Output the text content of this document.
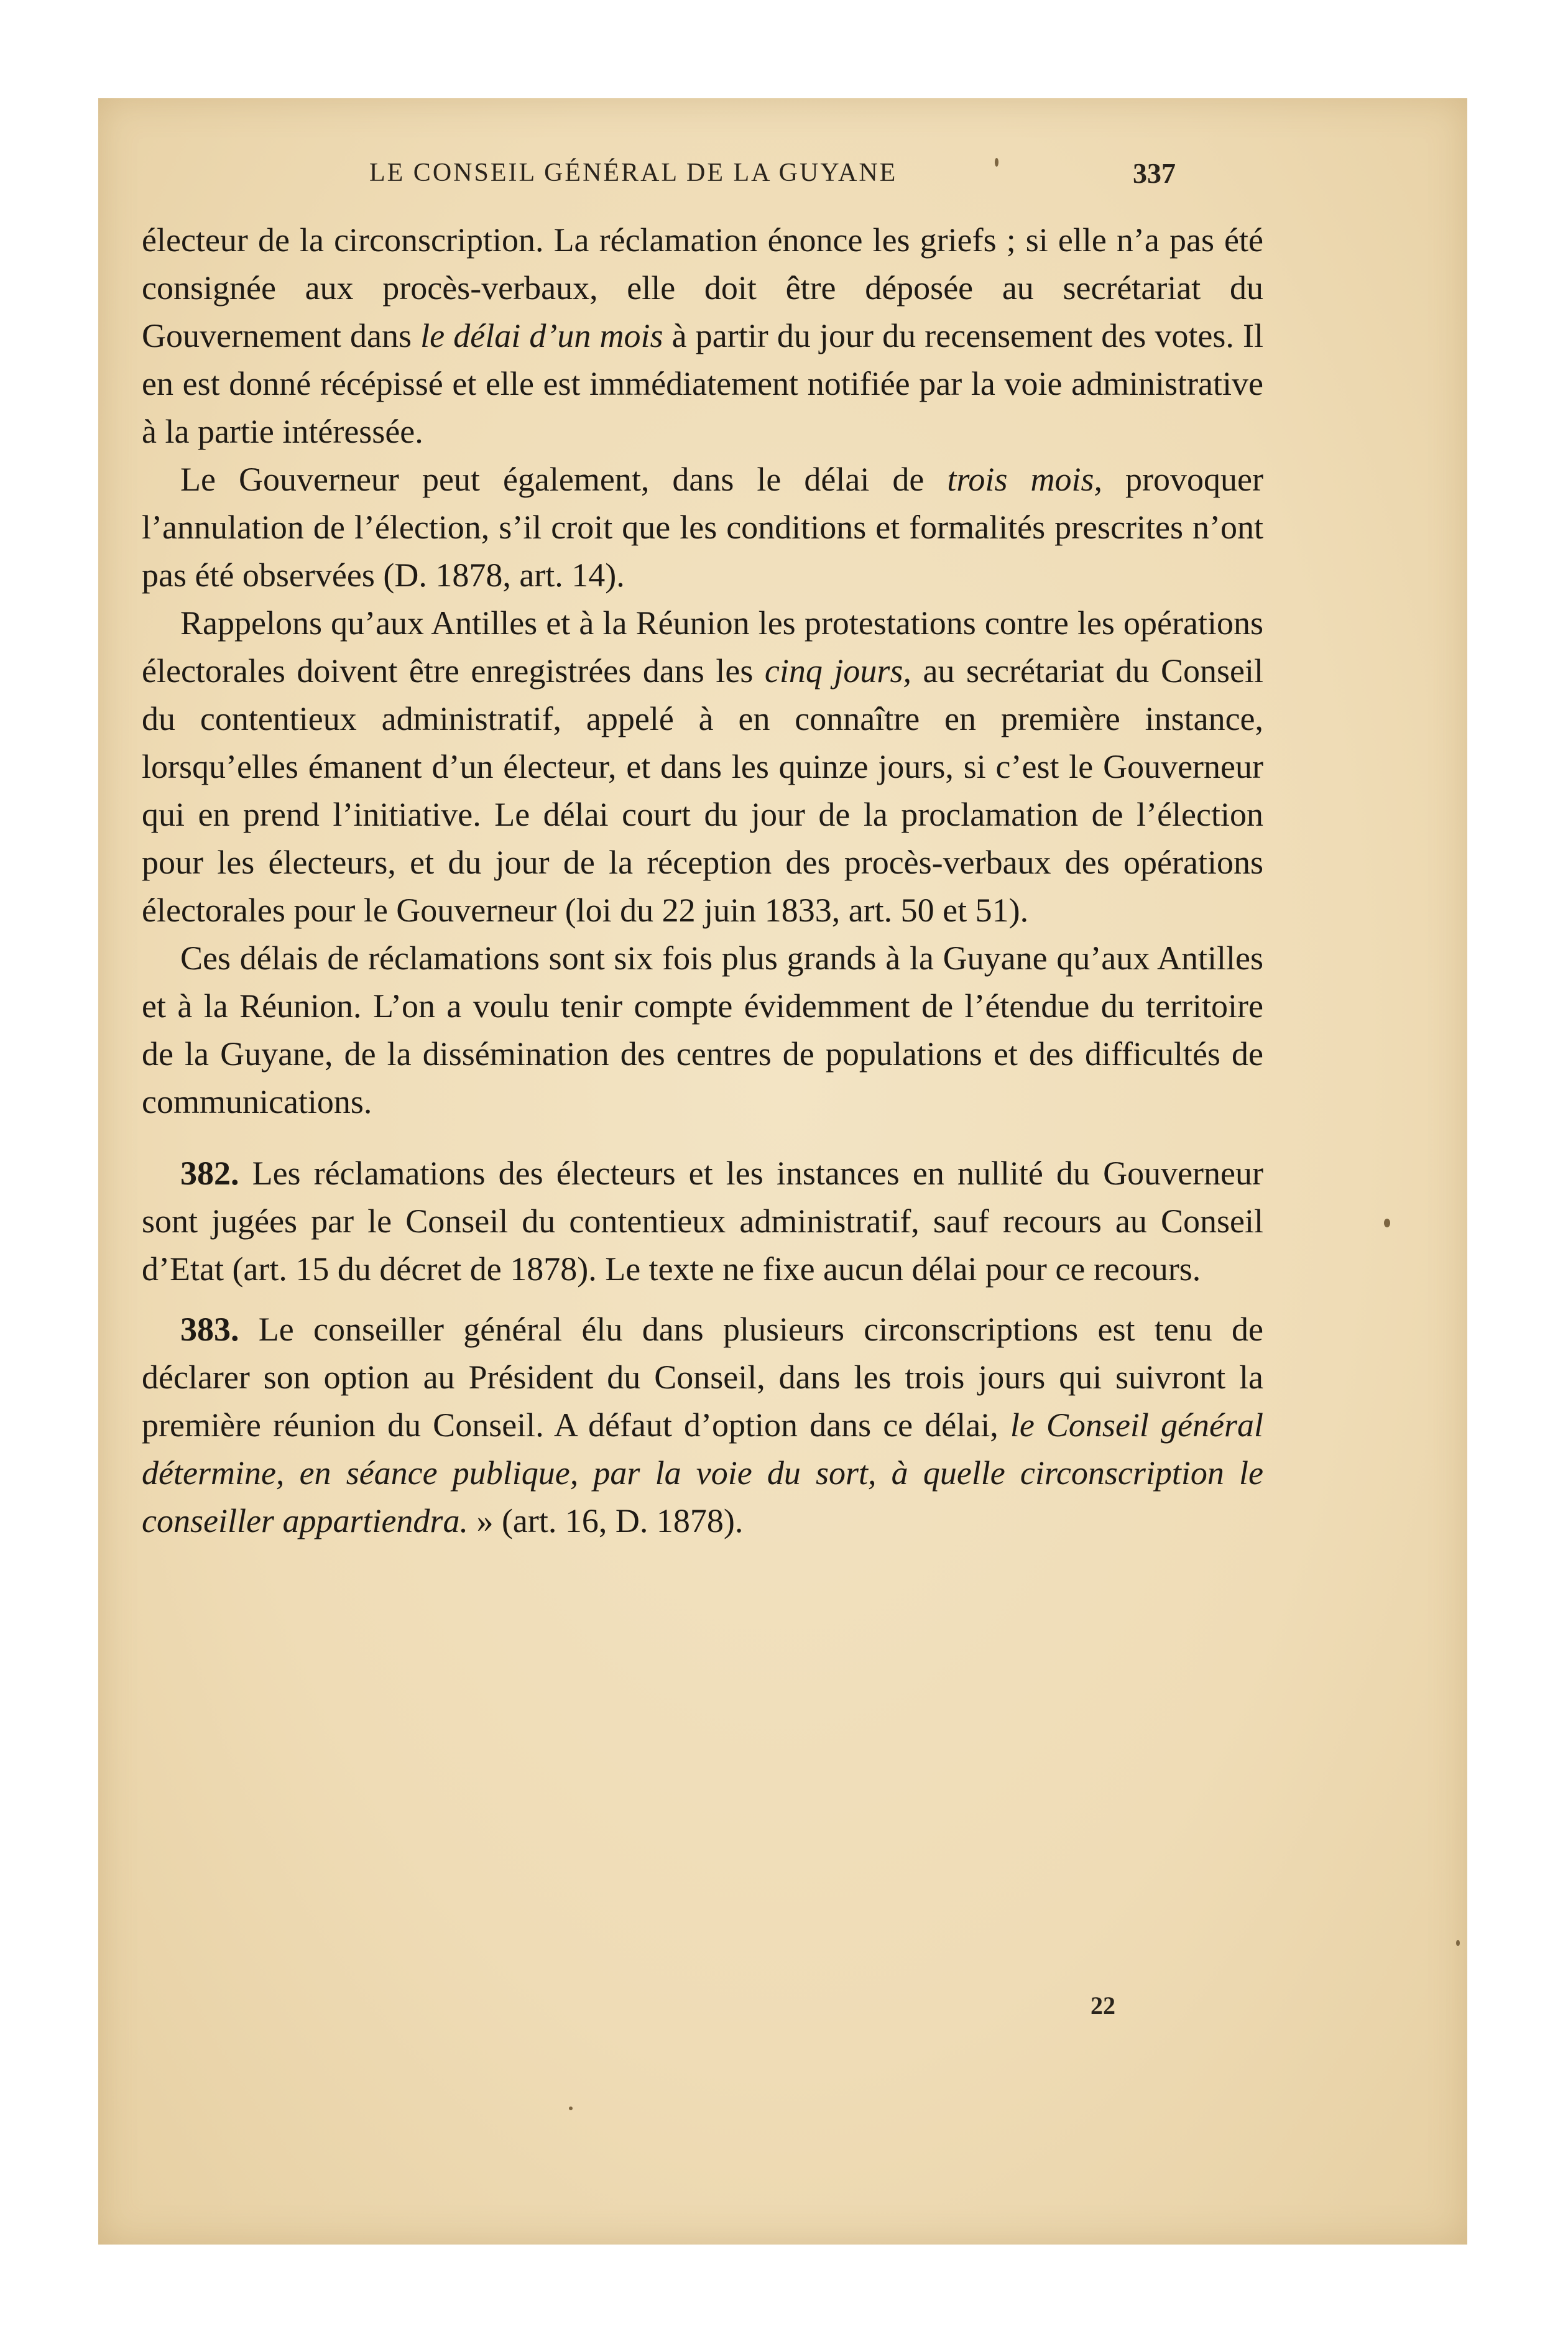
LE CONSEIL GÉNÉRAL DE LA GUYANE	337

électeur de la circonscription. La réclamation énonce les griefs ; si elle n’a pas été consignée aux procès-verbaux, elle doit être déposée au secrétariat du Gouvernement dans le délai d’un mois à partir du jour du recensement des votes. Il en est donné récépissé et elle est immédiatement notifiée par la voie administrative à la partie intéressée.

Le Gouverneur peut également, dans le délai de trois mois, provoquer l’annulation de l’élection, s’il croit que les conditions et formalités prescrites n’ont pas été observées (D. 1878, art. 14).

Rappelons qu’aux Antilles et à la Réunion les protestations contre les opérations électorales doivent être enregistrées dans les cinq jours, au secrétariat du Conseil du contentieux administratif, appelé à en connaître en première instance, lorsqu’elles émanent d’un électeur, et dans les quinze jours, si c’est le Gouverneur qui en prend l’initiative. Le délai court du jour de la proclamation de l’élection pour les électeurs, et du jour de la réception des procès-verbaux des opérations électorales pour le Gouverneur (loi du 22 juin 1833, art. 50 et 51).

Ces délais de réclamations sont six fois plus grands à la Guyane qu’aux Antilles et à la Réunion. L’on a voulu tenir compte évidemment de l’étendue du territoire de la Guyane, de la dissémination des centres de populations et des difficultés de communications.

382. Les réclamations des électeurs et les instances en nullité du Gouverneur sont jugées par le Conseil du contentieux administratif, sauf recours au Conseil d’Etat (art. 15 du décret de 1878). Le texte ne fixe aucun délai pour ce recours.

383. Le conseiller général élu dans plusieurs circonscriptions est tenu de déclarer son option au Président du Conseil, dans les trois jours qui suivront la première réunion du Conseil. A défaut d’option dans ce délai, le Conseil général détermine, en séance publique, par la voie du sort, à quelle circonscription le conseiller appartiendra. » (art. 16, D. 1878).

22
